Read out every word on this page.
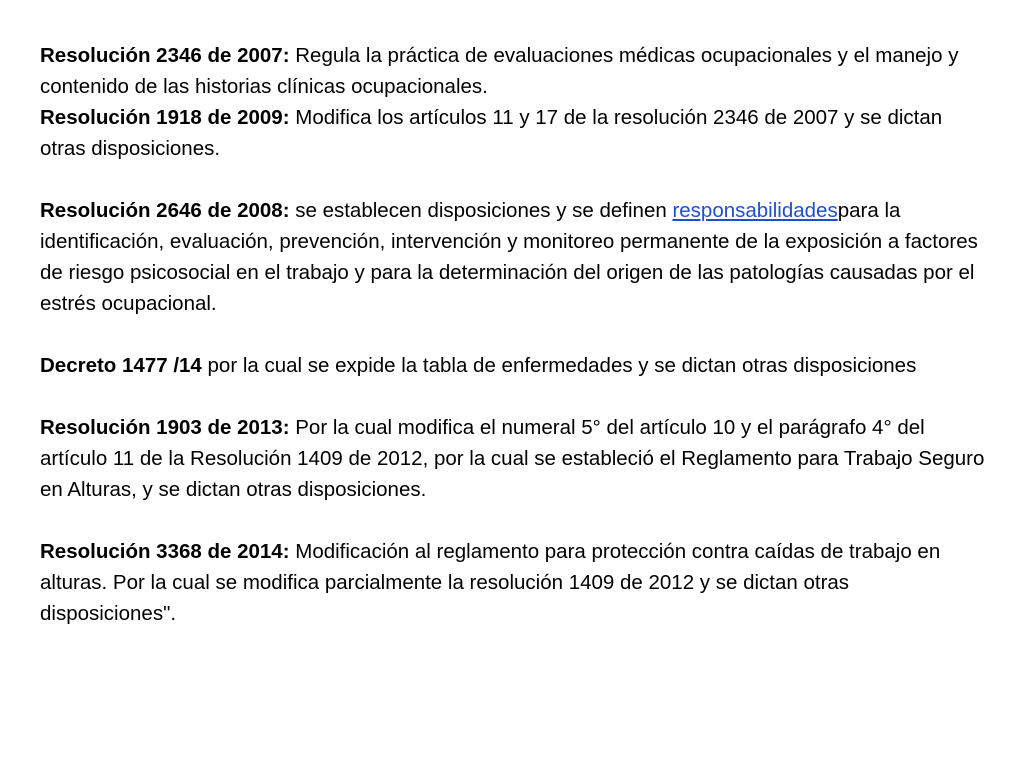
Resolución 2346 de 2007: Regula la práctica de evaluaciones médicas ocupacionales y el manejo y contenido de las historias clínicas ocupacionales.

Resolución 1918 de 2009: Modifica los artículos 11 y 17 de la resolución 2346 de 2007 y se dictan otras disposiciones.

Resolución 2646 de 2008: se establecen disposiciones y se definen responsabilidadespara la identificación, evaluación, prevención, intervención y monitoreo permanente de la exposición a factores de riesgo psicosocial en el trabajo y para la determinación del origen de las patologías causadas por el estrés ocupacional.

Decreto 1477 /14 por la cual se expide la tabla de enfermedades y se dictan otras disposiciones

Resolución 1903 de 2013: Por la cual modifica el numeral 5° del artículo 10 y el parágrafo 4° del artículo 11 de la Resolución 1409 de 2012, por la cual se estableció el Reglamento para Trabajo Seguro en Alturas, y se dictan otras disposiciones.

Resolución 3368 de 2014: Modificación al reglamento para protección contra caídas de trabajo en alturas. Por la cual se modifica parcialmente la resolución 1409 de 2012 y se dictan otras disposiciones".
